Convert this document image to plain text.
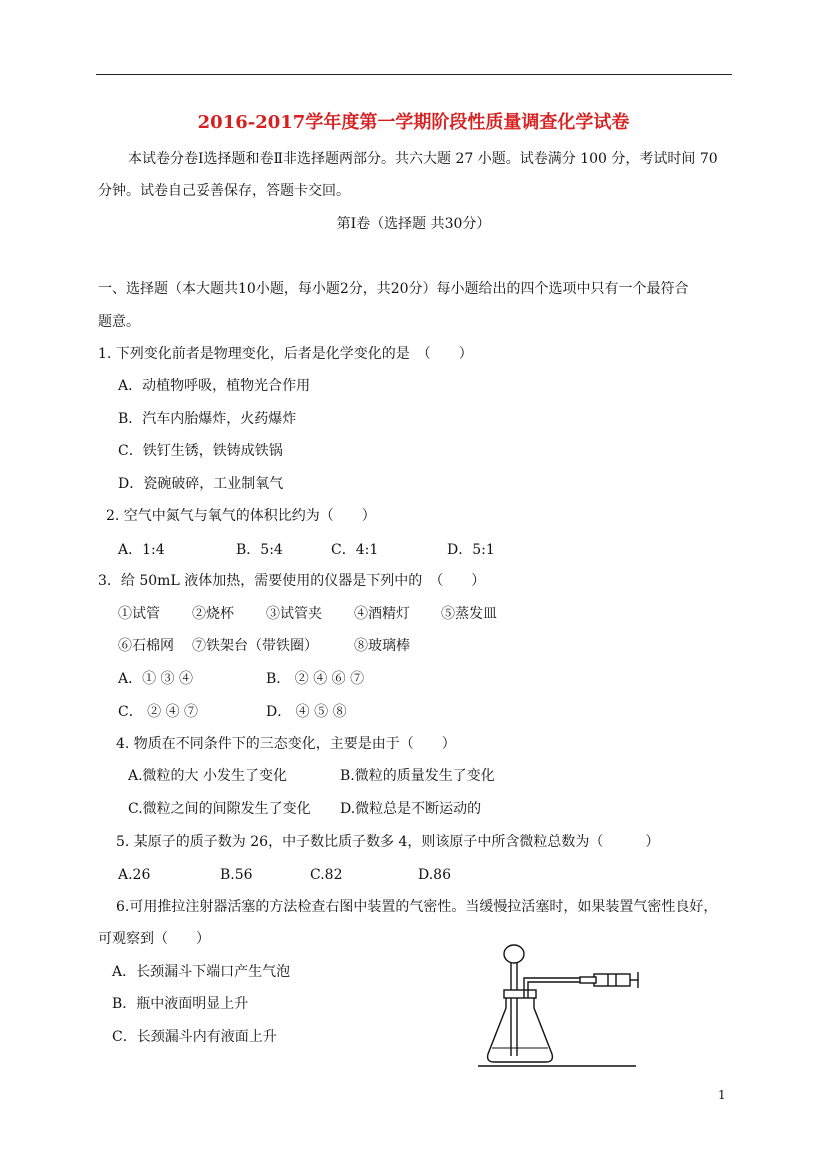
2016-2017学年度第一学期阶段性质量调查化学试卷
本试卷分卷Ⅰ选择题和卷Ⅱ非选择题两部分。共六大题 27 小题。试卷满分 100 分，考试时间 70
分钟。试卷自己妥善保存，答题卡交回。
第Ⅰ卷（选择题 共30分）
一、选择题（本大题共10小题，每小题2分，共20分）每小题给出的四个选项中只有一个最符合
题意。
1. 下列变化前者是物理变化，后者是化学变化的是　（　　）
A．动植物呼吸，植物光合作用
B．汽车内胎爆炸，火药爆炸
C．铁钉生锈，铁铸成铁锅
D．瓷碗破碎，工业制氧气
2. 空气中氮气与氧气的体积比约为（　　）
A．1:4	B．5:4	C．4:1	D．5:1
3．给 50mL 液体加热，需要使用的仪器是下列中的　（　　）
①试管 ②烧杯 ③试管夹 ④酒精灯 ⑤蒸发皿
⑥石棉网 ⑦铁架台（带铁圈）	⑧玻璃棒
A．① ③ ④	B． ② ④ ⑥ ⑦
C． ② ④ ⑦	D． ④ ⑤ ⑧
4. 物质在不同条件下的三态变化，主要是由于（　　）
A.微粒的大 小发生了变化	B.微粒的质量发生了变化
C.微粒之间的间隙发生了变化 D.微粒总是不断运动的
5. 某原子的质子数为 26，中子数比质子数多 4，则该原子中所含微粒总数为（　　　）
A.26	B.56	C.82	D.86
6.可用推拉注射器活塞的方法检查右图中装置的气密性。当缓慢拉活塞时，如果装置气密性良好，
可观察到（　　）
A．长颈漏斗下端口产生气泡
B．瓶中液面明显上升
C．长颈漏斗内有液面上升
1
